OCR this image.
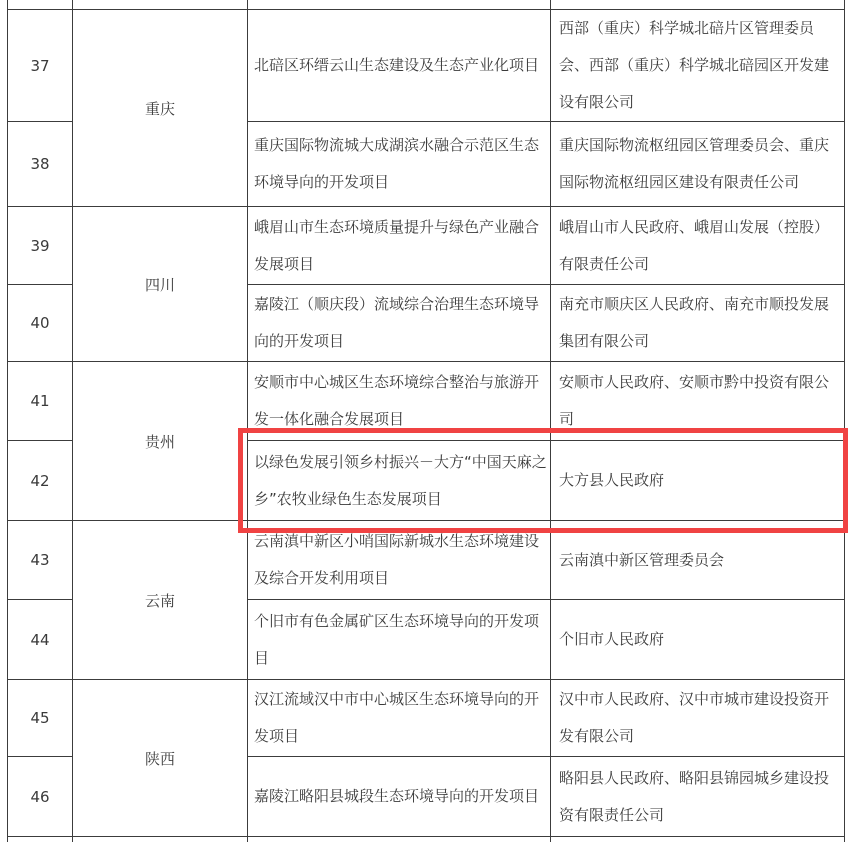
37	重庆	北碚区环缙云山生态建设及生态产业化项目	西部（重庆）科学城北碚片区管理委员会、西部（重庆）科学城北碚园区开发建设有限公司
38		重庆国际物流城大成湖滨水融合示范区生态环境导向的开发项目	重庆国际物流枢纽园区管理委员会、重庆国际物流枢纽园区建设有限责任公司
39	四川	峨眉山市生态环境质量提升与绿色产业融合发展项目	峨眉山市人民政府、峨眉山发展（控股）有限责任公司
40		嘉陵江（顺庆段）流域综合治理生态环境导向的开发项目	南充市顺庆区人民政府、南充市顺投发展集团有限公司
41	贵州	安顺市中心城区生态环境综合整治与旅游开发一体化融合发展项目	安顺市人民政府、安顺市黔中投资有限公司
42		以绿色发展引领乡村振兴－大方“中国天麻之乡”农牧业绿色生态发展项目	大方县人民政府
43	云南	云南滇中新区小哨国际新城水生态环境建设及综合开发利用项目	云南滇中新区管理委员会
44		个旧市有色金属矿区生态环境导向的开发项目	个旧市人民政府
45	陕西	汉江流域汉中市中心城区生态环境导向的开发项目	汉中市人民政府、汉中市城市建设投资开发有限公司
46		嘉陵江略阳县城段生态环境导向的开发项目	略阳县人民政府、略阳县锦园城乡建设投资有限责任公司
